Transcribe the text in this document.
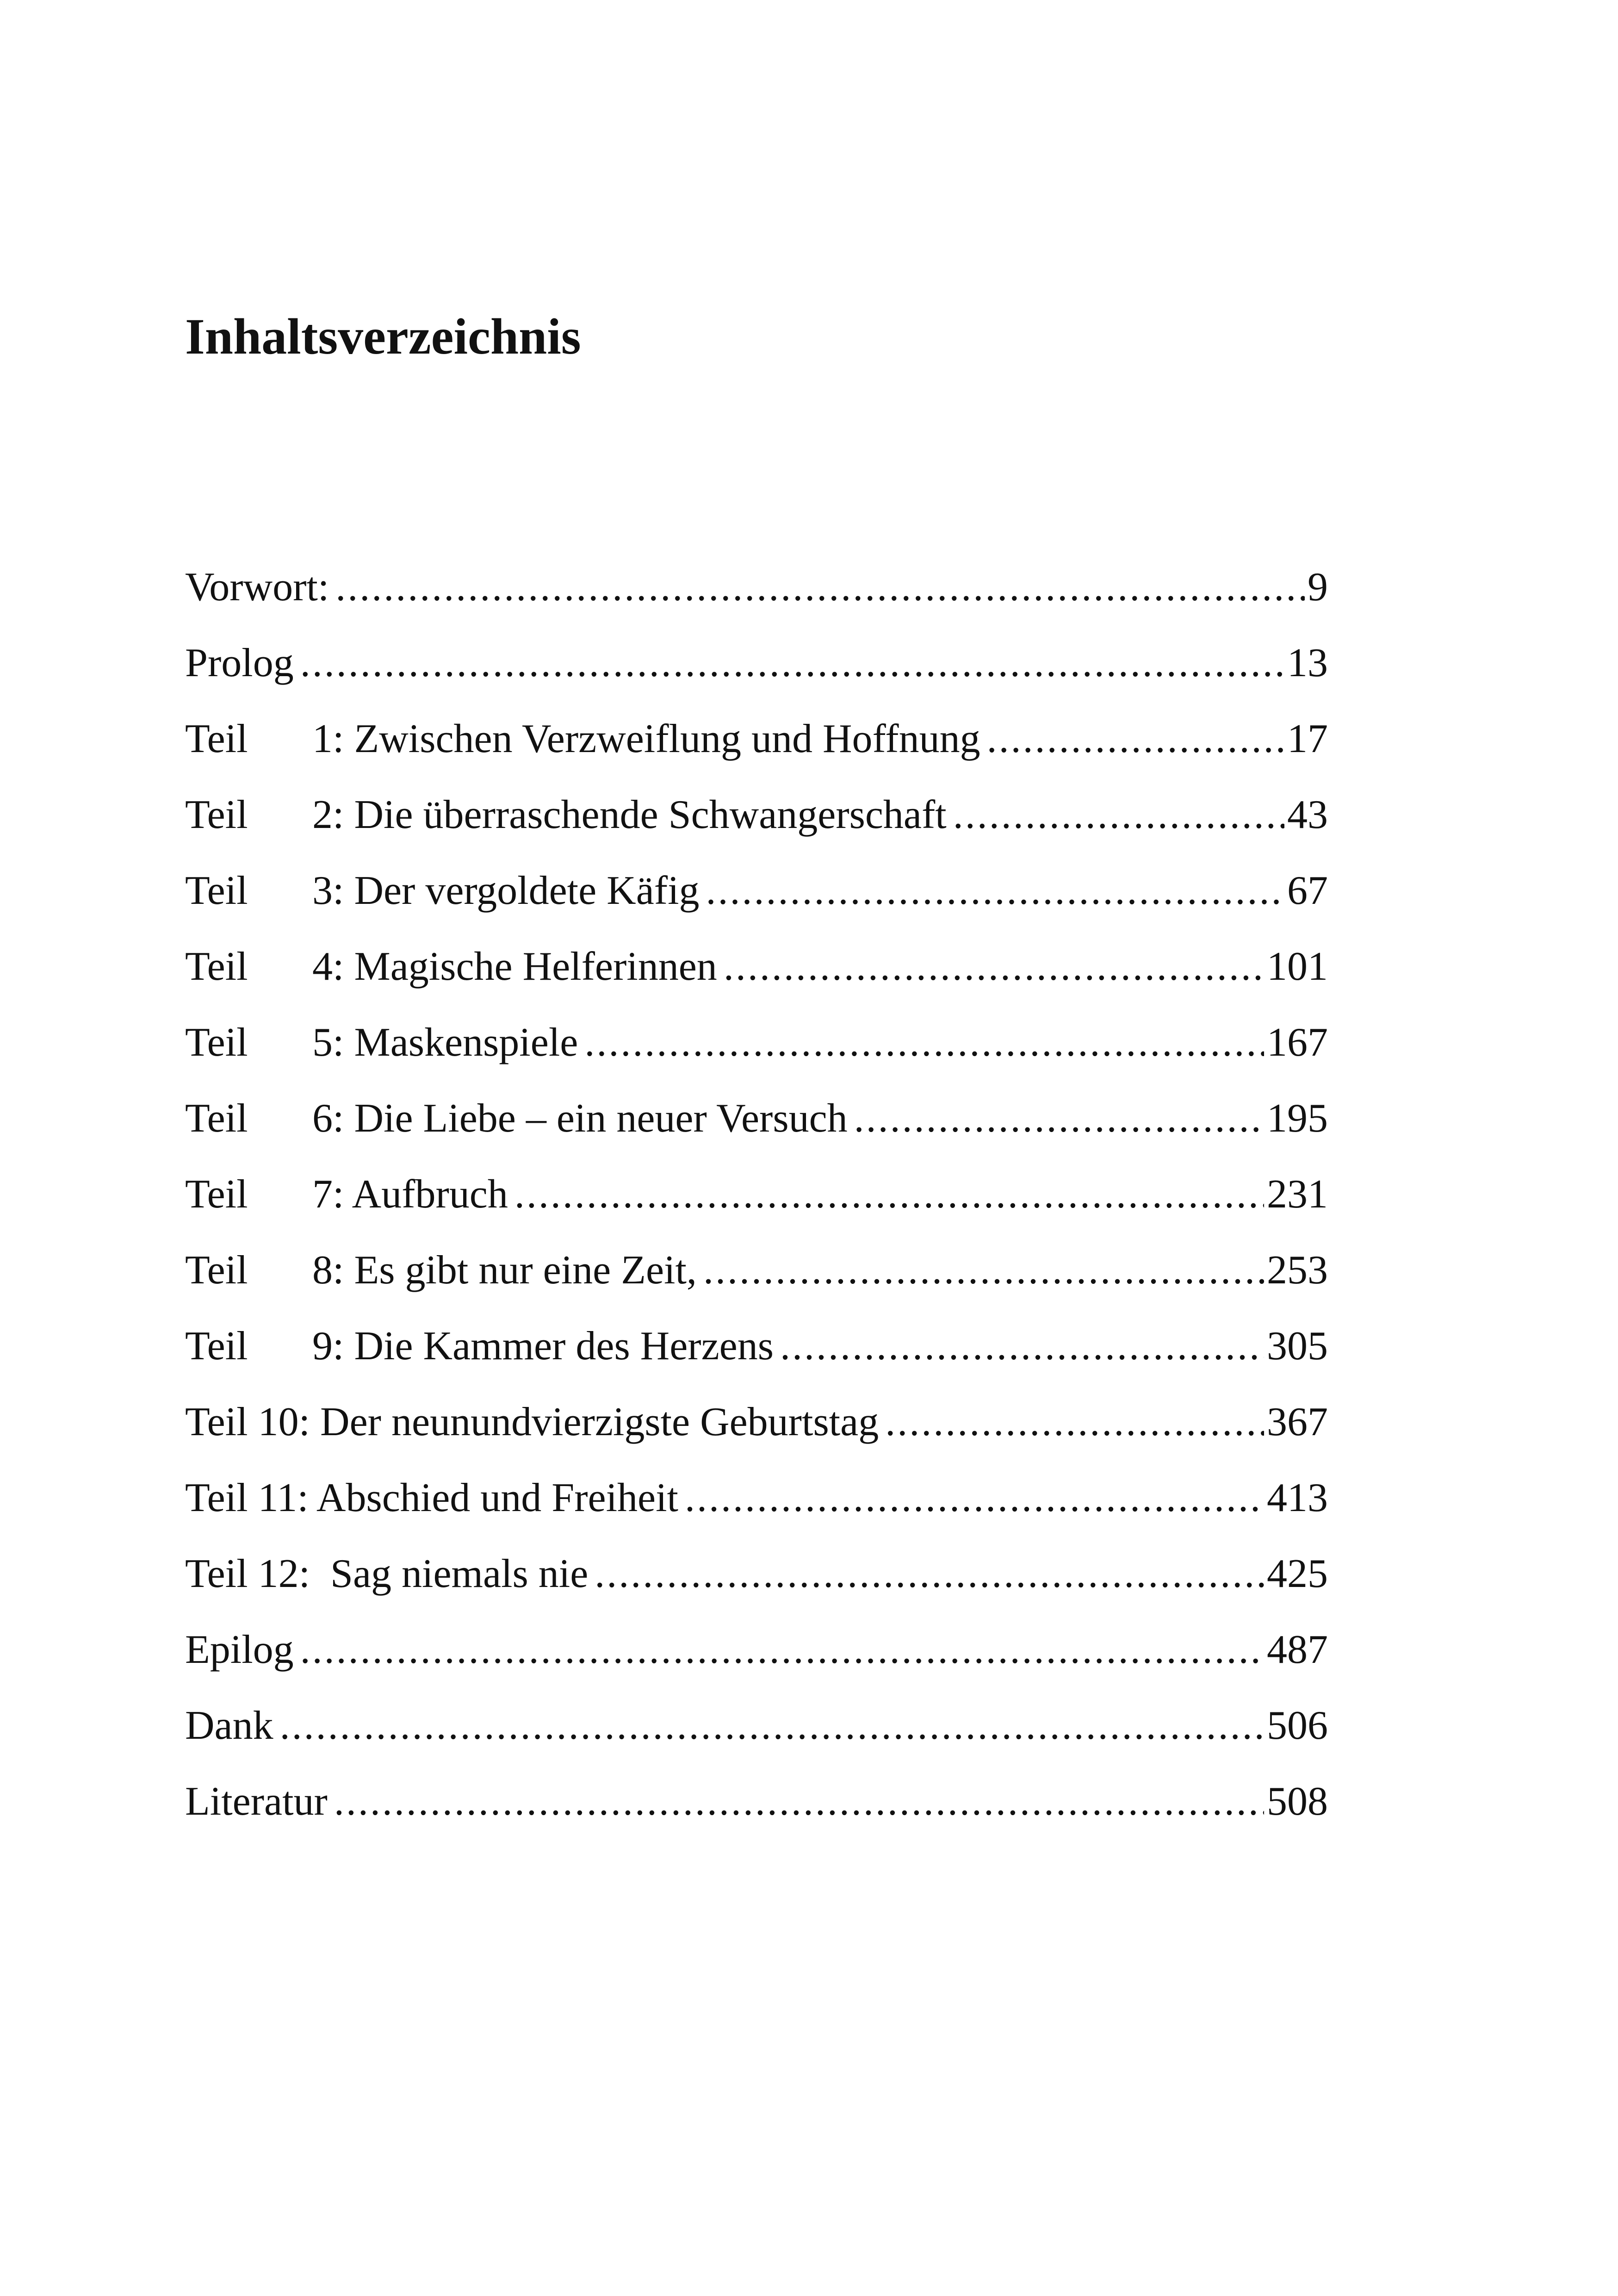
Inhaltsverzeichnis
Vorwort: .....	9
Prolog .....	13
Teil	1: Zwischen Verzweiflung und Hoffnung .....	17
Teil	2: Die überraschende Schwangerschaft .....	43
Teil	3: Der vergoldete Käfig .....	67
Teil	4: Magische Helferinnen .....	101
Teil	5: Maskenspiele .....	167
Teil	6: Die Liebe – ein neuer Versuch .....	195
Teil	7: Aufbruch .....	231
Teil	8: Es gibt nur eine Zeit, .....	253
Teil	9: Die Kammer des Herzens .....	305
Teil 10: Der neunundvierzigste Geburtstag .....	367
Teil 11: Abschied und Freiheit .....	413
Teil 12:  Sag niemals nie .....	425
Epilog .....	487
Dank .....	506
Literatur .....	508
